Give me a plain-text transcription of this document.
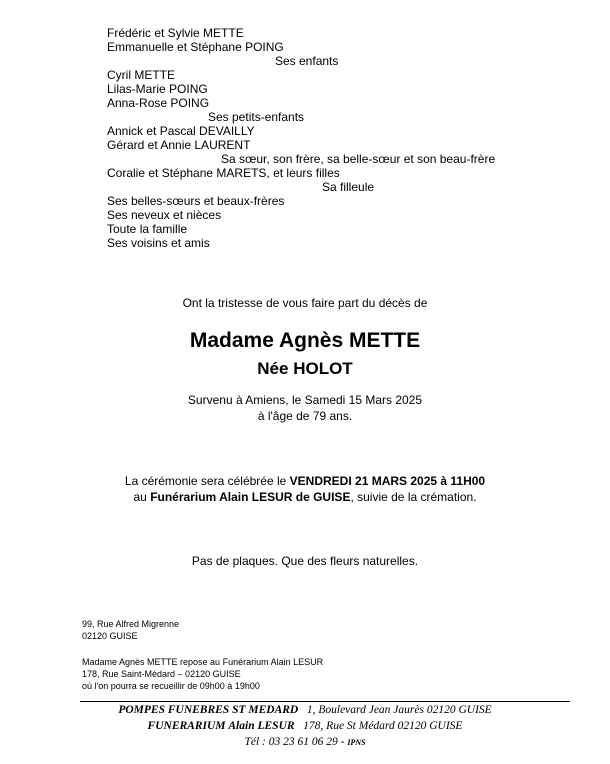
Frédéric et Sylvie METTE
Emmanuelle et Stéphane POING
Ses enfants
Cyril METTE
Lilas-Marie POING
Anna-Rose POING
Ses petits-enfants
Annick et Pascal DEVAILLY
Gérard et Annie LAURENT
Sa sœur, son frère, sa belle-sœur et son beau-frère
Coralie et Stéphane MARETS, et leurs filles
Sa filleule
Ses belles-sœurs et beaux-frères
Ses neveux et nièces
Toute la famille
Ses voisins et amis
Ont la tristesse de vous faire part du décès de
Madame Agnès METTE
Née HOLOT
Survenu à Amiens, le Samedi 15 Mars 2025
à l'âge de 79 ans.
La cérémonie sera célébrée le VENDREDI 21 MARS 2025 à 11H00
au Funérarium Alain LESUR de GUISE, suivie de la crémation.
Pas de plaques. Que des fleurs naturelles.
99, Rue Alfred Migrenne
02120 GUISE
Madame Agnès METTE repose au Funérarium Alain LESUR
178, Rue Saint-Médard – 02120 GUISE
où l'on pourra se recueillir de 09h00 à 19h00
POMPES FUNEBRES ST MEDARD 1, Boulevard Jean Jaurès 02120 GUISE
FUNERARIUM Alain LESUR 178, Rue St Médard 02120 GUISE
Tél : 03 23 61 06 29 - IPNS
